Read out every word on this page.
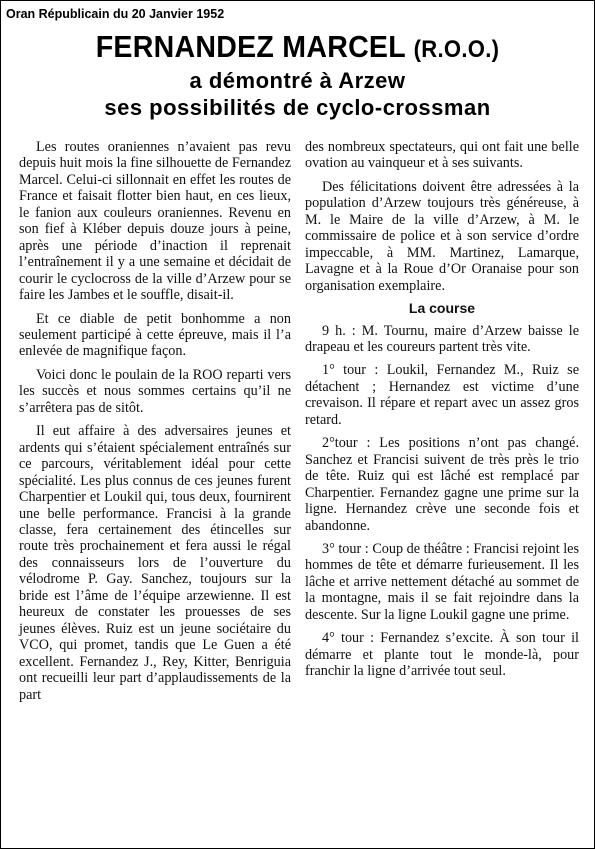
Oran Républicain du 20 Janvier 1952
FERNANDEZ MARCEL (R.O.O.)
a démontré à Arzew
ses possibilités de cyclo-crossman

Les routes oraniennes n’avaient pas revu depuis huit mois la fine silhouette de Fernandez Marcel. Celui-ci sillonnait en effet les routes de France et faisait flotter bien haut, en ces lieux, le fanion aux couleurs oraniennes. Revenu en son fief à Kléber depuis douze jours à peine, après une période d’inaction il reprenait l’entraînement il y a une semaine et décidait de courir le cyclocross de la ville d’Arzew pour se faire les Jambes et le souffle, disait-il.

Et ce diable de petit bonhomme a non seulement participé à cette épreuve, mais il l’a enlevée de magnifique façon.

Voici donc le poulain de la ROO reparti vers les succès et nous sommes certains qu’il ne s’arrêtera pas de sitôt.

Il eut affaire à des adversaires jeunes et ardents qui s’étaient spécialement entraînés sur ce parcours, véritablement idéal pour cette spécialité. Les plus connus de ces jeunes furent Charpentier et Loukil qui, tous deux, fournirent une belle performance. Francisi à la grande classe, fera certainement des étincelles sur route très prochainement et fera aussi le régal des connaisseurs lors de l’ouverture du vélodrome P. Gay. Sanchez, toujours sur la bride est l’âme de l’équipe arzewienne. Il est heureux de constater les prouesses de ses jeunes élèves. Ruiz est un jeune sociétaire du VCO, qui promet, tandis que Le Guen a été excellent. Fernandez J., Rey, Kitter, Benriguia ont recueilli leur part d’applaudissements de la part

des nombreux spectateurs, qui ont fait une belle ovation au vainqueur et à ses suivants.

Des félicitations doivent être adressées à la population d’Arzew toujours très généreuse, à M. le Maire de la ville d’Arzew, à M. le commissaire de police et à son service d’ordre impeccable, à MM. Martinez, Lamarque, Lavagne et à la Roue d’Or Oranaise pour son organisation exemplaire.

La course

9 h. : M. Tournu, maire d’Arzew baisse le drapeau et les coureurs partent très vite.

1° tour : Loukil, Fernandez M., Ruiz se détachent ; Hernandez est victime d’une crevaison. Il répare et repart avec un assez gros retard.

2°tour : Les positions n’ont pas changé. Sanchez et Francisi suivent de très près le trio de tête. Ruiz qui est lâché est remplacé par Charpentier. Fernandez gagne une prime sur la ligne. Hernandez crève une seconde fois et abandonne.

3° tour : Coup de théâtre : Francisi rejoint les hommes de tête et démarre furieusement. Il les lâche et arrive nettement détaché au sommet de la montagne, mais il se fait rejoindre dans la descente. Sur la ligne Loukil gagne une prime.

4° tour : Fernandez s’excite. À son tour il démarre et plante tout le monde-là, pour franchir la ligne d’arrivée tout seul.
